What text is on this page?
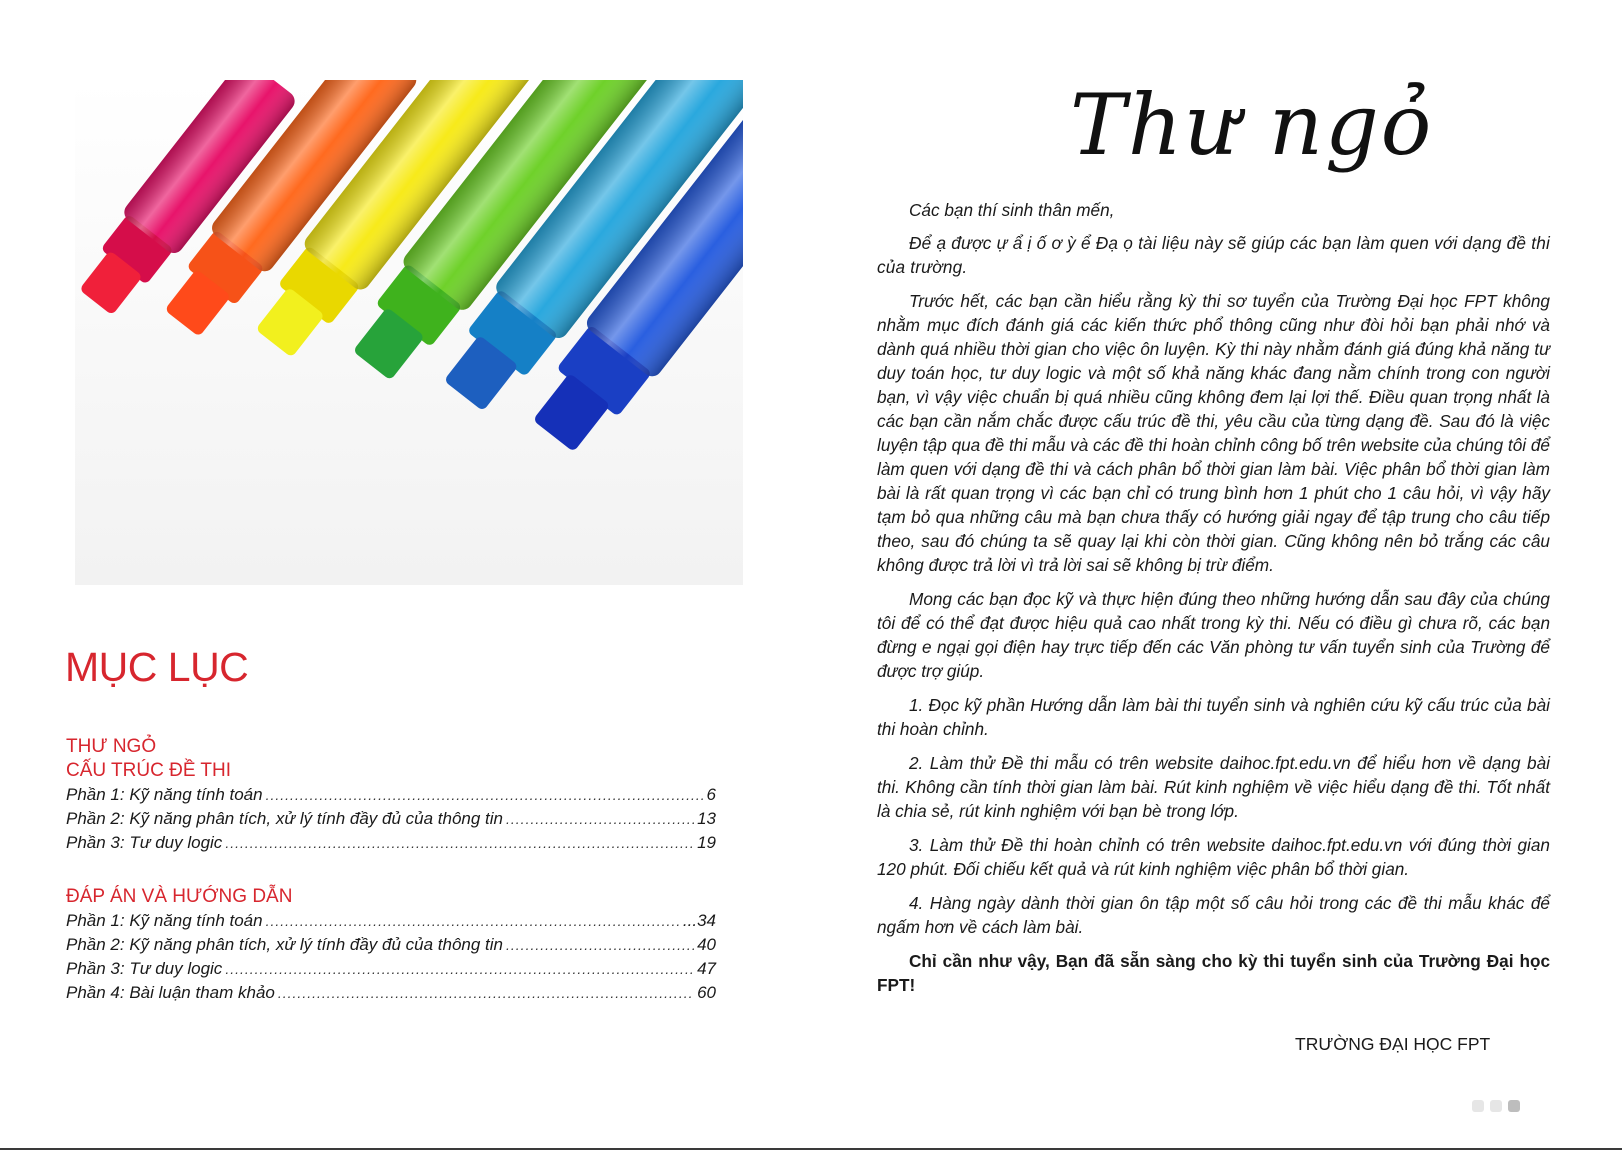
MỤC LỤC
THƯ NGỎ
CẤU TRÚC ĐỀ THI
Phần 1: Kỹ năng tính toán .....	6
Phần 2: Kỹ năng phân tích, xử lý tính đầy đủ của thông tin .....	13
Phần 3: Tư duy logic .....	19
ĐÁP ÁN VÀ HƯỚNG DẪN
Phần 1: Kỹ năng tính toán .....	...34
Phần 2: Kỹ năng phân tích, xử lý tính đầy đủ của thông tin .....	40
Phần 3: Tư duy logic .....	47
Phần 4: Bài luận tham khảo .....	60
Thư ngỏ

Các bạn thí sinh thân mến,

Để ạ được ự ẩ ị ố ơ ỳ ể Đạ ọ tài liệu này sẽ giúp các bạn làm quen với dạng đề thi của trường.

Trước hết, các bạn cần hiểu rằng kỳ thi sơ tuyển của Trường Đại học FPT không nhằm mục đích đánh giá các kiến thức phổ thông cũng như đòi hỏi bạn phải nhớ và dành quá nhiều thời gian cho việc ôn luyện. Kỳ thi này nhằm đánh giá đúng khả năng tư duy toán học, tư duy logic và một số khả năng khác đang nằm chính trong con người bạn, vì vậy việc chuẩn bị quá nhiều cũng không đem lại lợi thế. Điều quan trọng nhất là các bạn cần nắm chắc được cấu trúc đề thi, yêu cầu của từng dạng đề. Sau đó là việc luyện tập qua đề thi mẫu và các đề thi hoàn chỉnh công bố trên website của chúng tôi để làm quen với dạng đề thi và cách phân bổ thời gian làm bài. Việc phân bổ thời gian làm bài là rất quan trọng vì các bạn chỉ có trung bình hơn 1 phút cho 1 câu hỏi, vì vậy hãy tạm bỏ qua những câu mà bạn chưa thấy có hướng giải ngay để tập trung cho câu tiếp theo, sau đó chúng ta sẽ quay lại khi còn thời gian. Cũng không nên bỏ trắng các câu không được trả lời vì trả lời sai sẽ không bị trừ điểm.

Mong các bạn đọc kỹ và thực hiện đúng theo những hướng dẫn sau đây của chúng tôi để có thể đạt được hiệu quả cao nhất trong kỳ thi. Nếu có điều gì chưa rõ, các bạn đừng e ngại gọi điện hay trực tiếp đến các Văn phòng tư vấn tuyển sinh của Trường để được trợ giúp.

1. Đọc kỹ phần Hướng dẫn làm bài thi tuyển sinh và nghiên cứu kỹ cấu trúc của bài thi hoàn chỉnh.

2. Làm thử Đề thi mẫu có trên website daihoc.fpt.edu.vn để hiểu hơn về dạng bài thi. Không cần tính thời gian làm bài. Rút kinh nghiệm về việc hiểu dạng đề thi. Tốt nhất là chia sẻ, rút kinh nghiệm với bạn bè trong lớp.

3. Làm thử Đề thi hoàn chỉnh có trên website daihoc.fpt.edu.vn với đúng thời gian 120 phút. Đối chiếu kết quả và rút kinh nghiệm việc phân bổ thời gian.

4. Hàng ngày dành thời gian ôn tập một số câu hỏi trong các đề thi mẫu khác để ngấm hơn về cách làm bài.

Chỉ cần như vậy, Bạn đã sẵn sàng cho kỳ thi tuyển sinh của Trường Đại học FPT!

TRƯỜNG ĐẠI HỌC FPT
